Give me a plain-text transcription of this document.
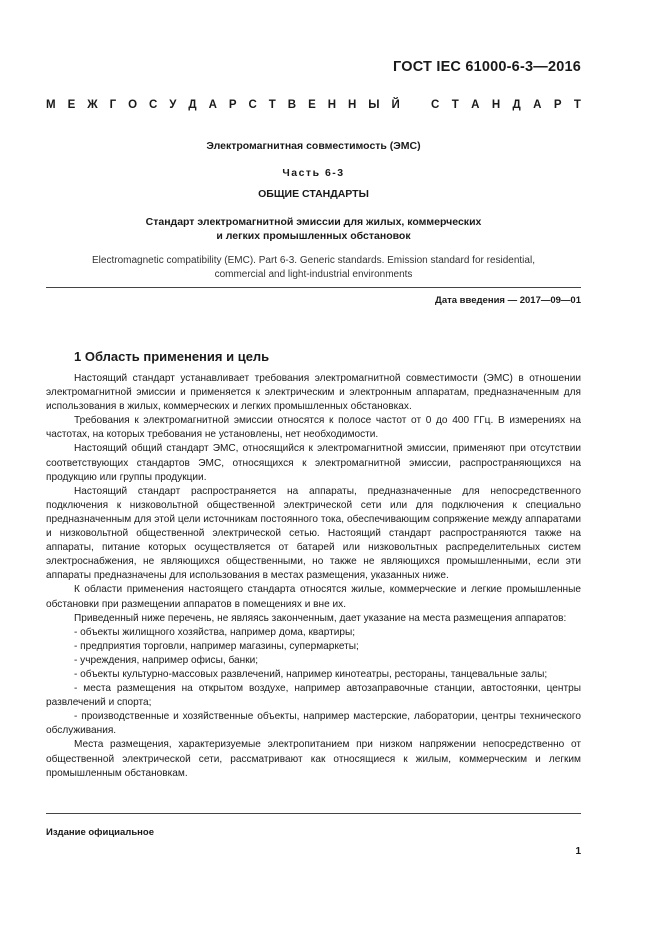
ГОСТ IEC 61000-6-3—2016
М Е Ж Г О С У Д А Р С Т В Е Н Н Ы Й	С Т А Н Д А Р Т
Электромагнитная совместимость (ЭМС)
Часть 6-3
ОБЩИЕ СТАНДАРТЫ
Стандарт электромагнитной эмиссии для жилых, коммерческих
и легких промышленных обстановок
Electromagnetic compatibility (EMC). Part 6-3. Generic standards. Emission standard for residential,
commercial and light-industrial environments
Дата введения — 2017—09—01
1 Область применения и цель

Настоящий стандарт устанавливает требования электромагнитной совместимости (ЭМС) в отношении электромагнитной эмиссии и применяется к электрическим и электронным аппаратам, предназначенным для использования в жилых, коммерческих и легких промышленных обстановках.

Требования к электромагнитной эмиссии относятся к полосе частот от 0 до 400 ГГц. В измерениях на частотах, на которых требования не установлены, нет необходимости.

Настоящий общий стандарт ЭМС, относящийся к электромагнитной эмиссии, применяют при отсутствии соответствующих стандартов ЭМС, относящихся к электромагнитной эмиссии, распространяющихся на продукцию или группы продукции.

Настоящий стандарт распространяется на аппараты, предназначенные для непосредственного подключения к низковольтной общественной электрической сети или для подключения к специально предназначенным для этой цели источникам постоянного тока, обеспечивающим сопряжение между аппаратами и низковольтной общественной электрической сетью. Настоящий стандарт распространяются также на аппараты, питание которых осуществляется от батарей или низковольтных распределительных систем электроснабжения, не являющихся общественными, но также не являющихся промышленными, если эти аппараты предназначены для использования в местах размещения, указанных ниже.

К области применения настоящего стандарта относятся жилые, коммерческие и легкие промышленные обстановки при размещении аппаратов в помещениях и вне их.

Приведенный ниже перечень, не являясь законченным, дает указание на места размещения аппаратов:

- объекты жилищного хозяйства, например дома, квартиры;

- предприятия торговли, например магазины, супермаркеты;

- учреждения, например офисы, банки;

- объекты культурно-массовых развлечений, например кинотеатры, рестораны, танцевальные залы;

- места размещения на открытом воздухе, например автозаправочные станции, автостоянки, центры развлечений и спорта;

- производственные и хозяйственные объекты, например мастерские, лаборатории, центры технического обслуживания.

Места размещения, характеризуемые электропитанием при низком напряжении непосредственно от общественной электрической сети, рассматривают как относящиеся к жилым, коммерческим и легким промышленным обстановкам.

Издание официальное
1
